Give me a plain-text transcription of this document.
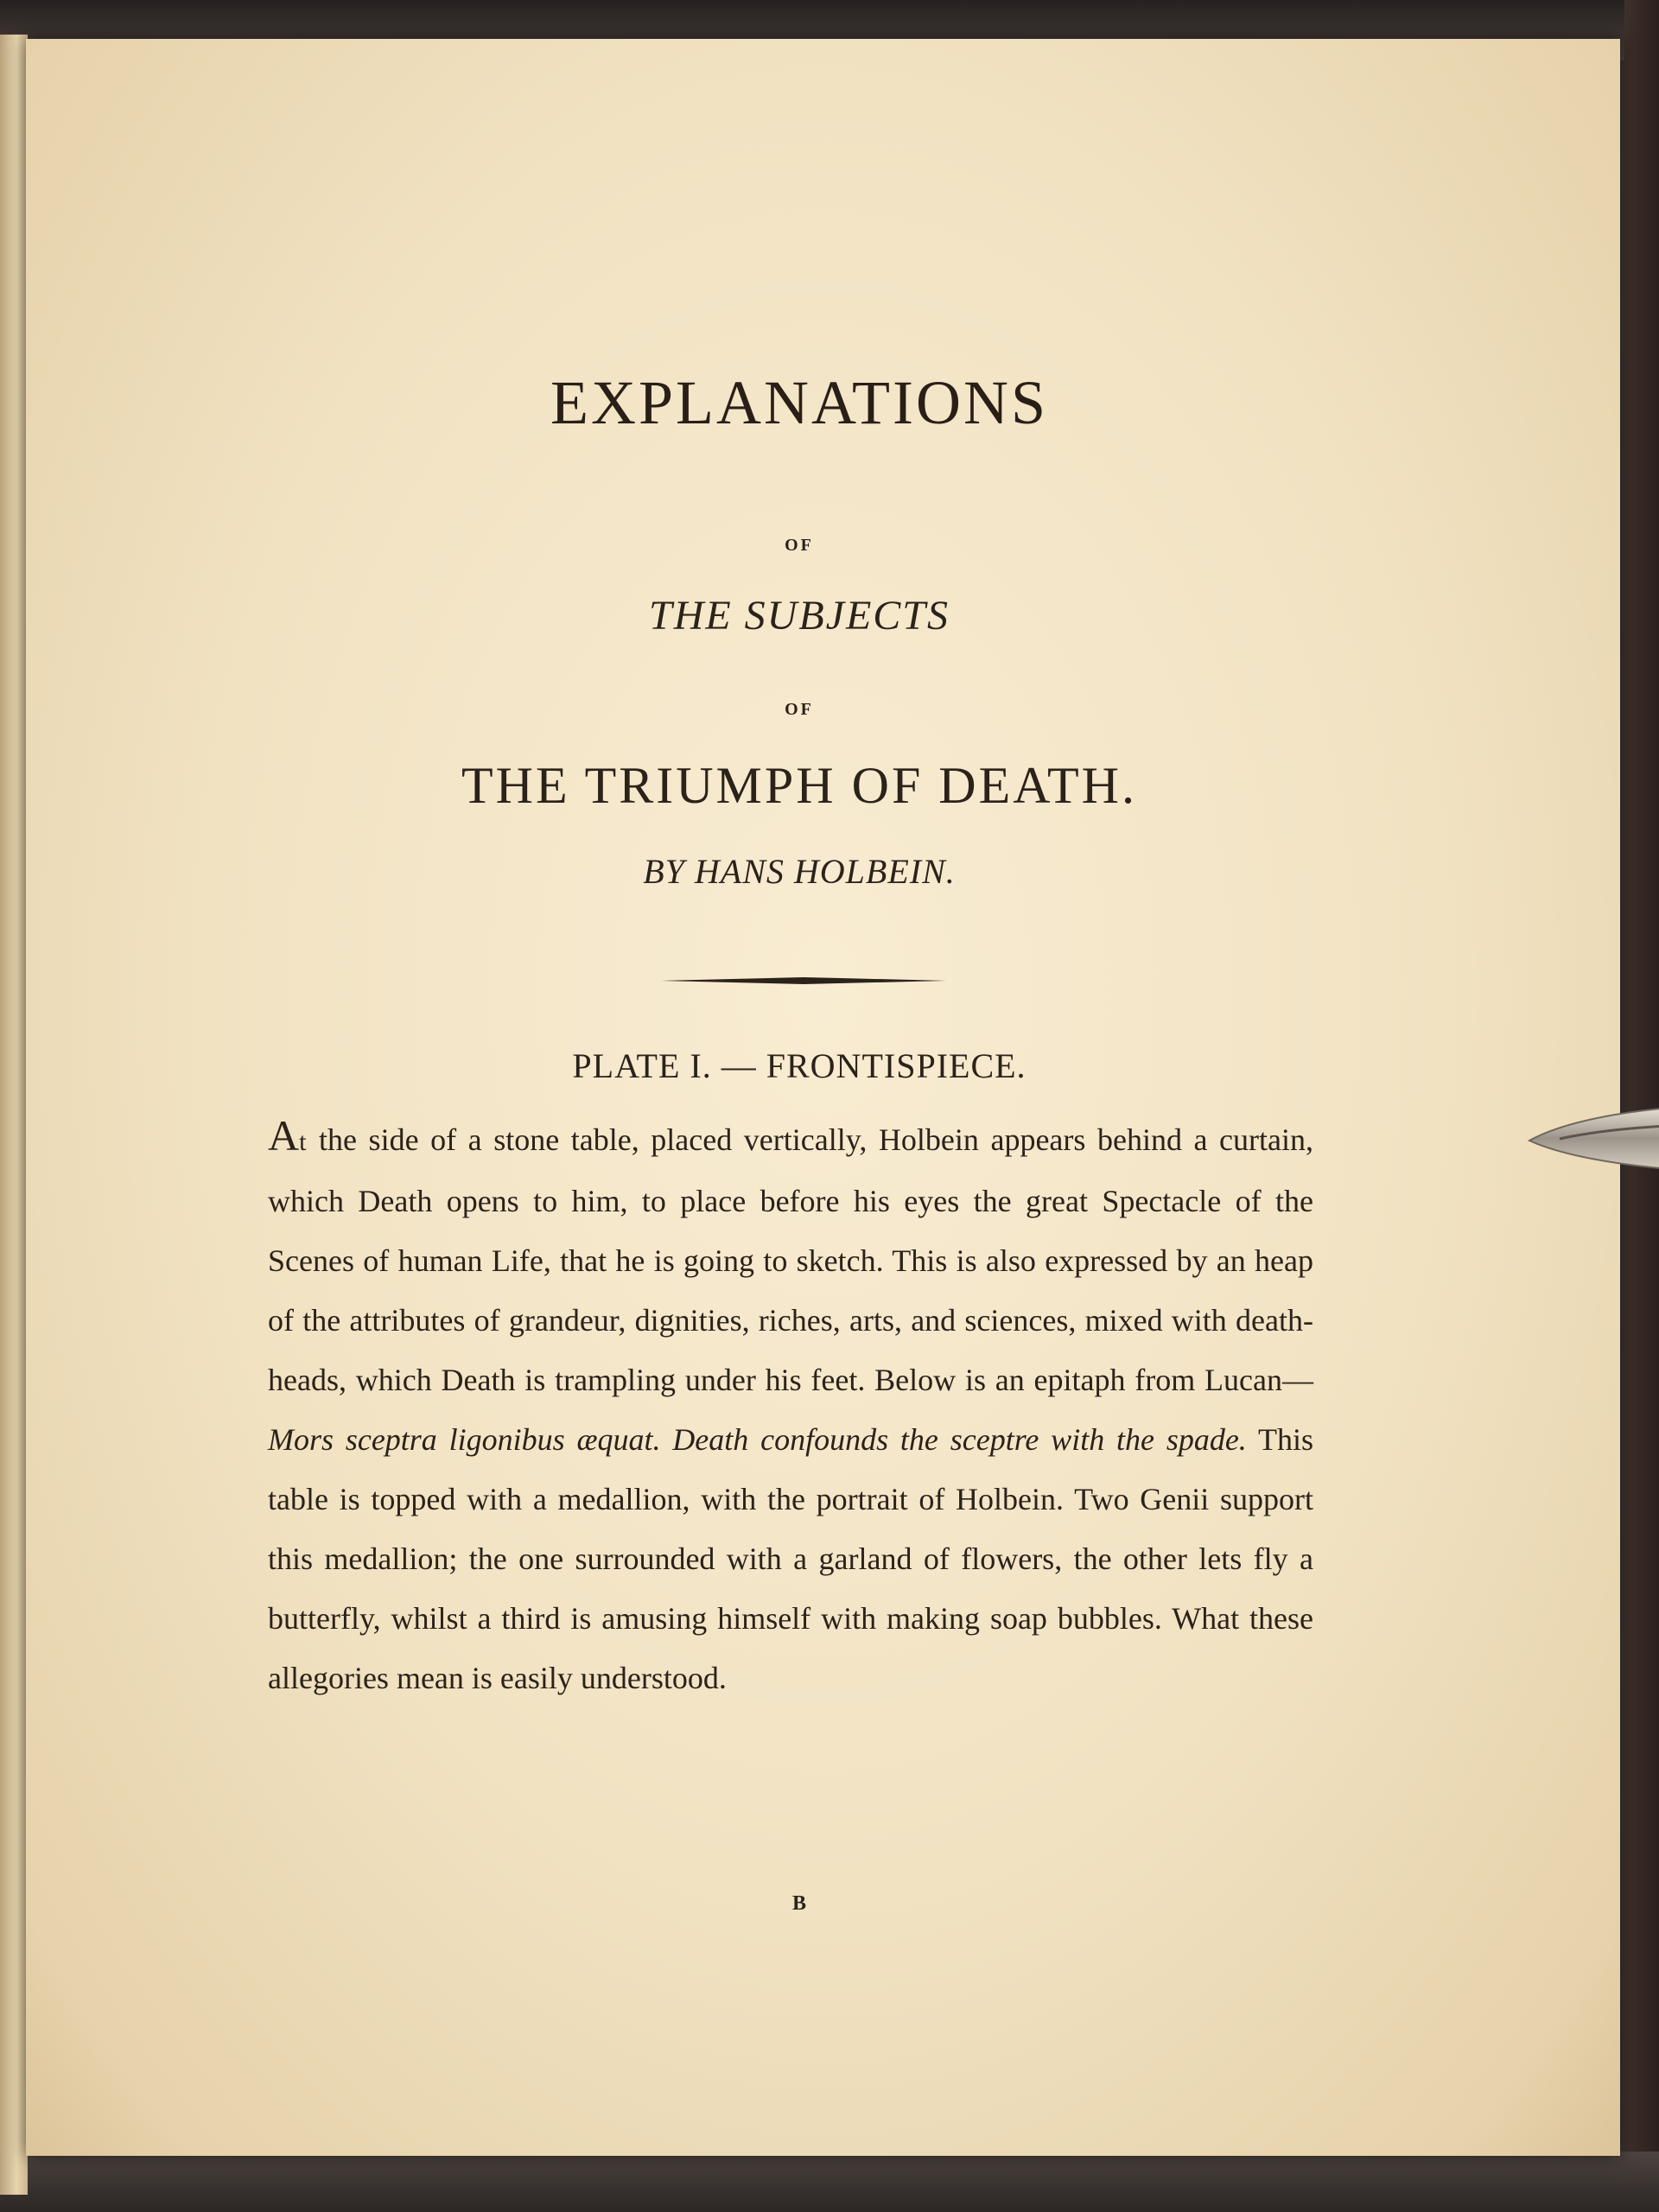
EXPLANATIONS
OF
THE SUBJECTS
OF
THE TRIUMPH OF DEATH.
BY HANS HOLBEIN.
PLATE I. — FRONTISPIECE.

At the side of a stone table, placed vertically, Holbein appears behind a curtain, which Death opens to him, to place before his eyes the great Spectacle of the Scenes of human Life, that he is going to sketch. This is also expressed by an heap of the attributes of grandeur, dignities, riches, arts, and sciences, mixed with death-heads, which Death is trampling under his feet. Below is an epitaph from Lucan—Mors sceptra ligonibus æquat. Death confounds the sceptre with the spade. This table is topped with a medallion, with the portrait of Holbein. Two Genii support this medallion; the one surrounded with a garland of flowers, the other lets fly a butterfly, whilst a third is amusing himself with making soap bubbles. What these allegories mean is easily understood.

B
